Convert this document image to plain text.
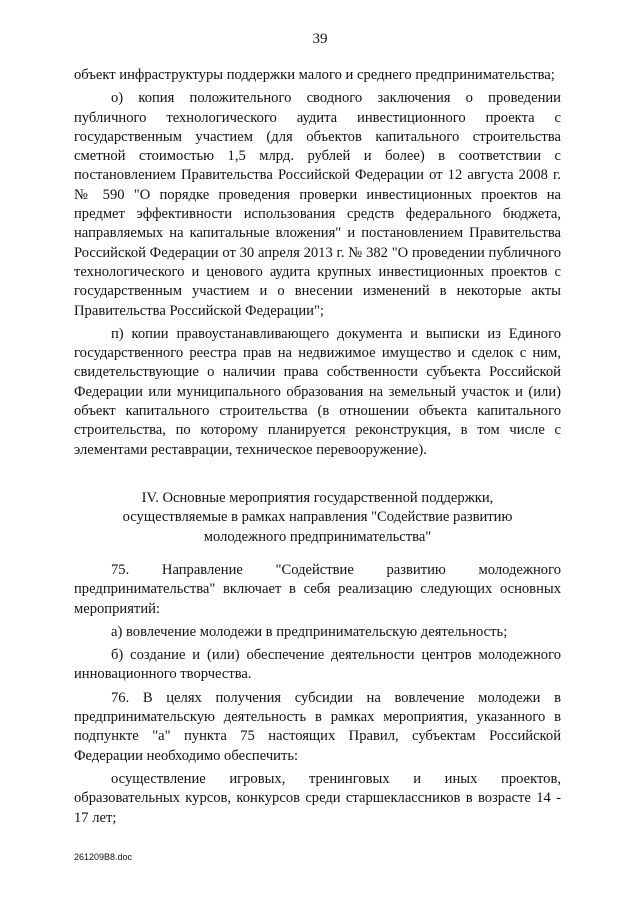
39

объект инфраструктуры поддержки малого и среднего предпринимательства;

о) копия положительного сводного заключения о проведении публичного технологического аудита инвестиционного проекта с государственным участием (для объектов капитального строительства сметной стоимостью 1,5 млрд. рублей и более) в соответствии с постановлением Правительства Российской Федерации от 12 августа 2008 г. № 590 "О порядке проведения проверки инвестиционных проектов на предмет эффективности использования средств федерального бюджета, направляемых на капитальные вложения" и постановлением Правительства Российской Федерации от 30 апреля 2013 г. № 382 "О проведении публичного технологического и ценового аудита крупных инвестиционных проектов с государственным участием и о внесении изменений в некоторые акты Правительства Российской Федерации";

п) копии правоустанавливающего документа и выписки из Единого государственного реестра прав на недвижимое имущество и сделок с ним, свидетельствующие о наличии права собственности субъекта Российской Федерации или муниципального образования на земельный участок и (или) объект капитального строительства (в отношении объекта капитального строительства, по которому планируется реконструкция, в том числе с элементами реставрации, техническое перевооружение).

IV. Основные мероприятия государственной поддержки,
осуществляемые в рамках направления "Содействие развитию
молодежного предпринимательства"

75. Направление "Содействие развитию молодежного предпринимательства" включает в себя реализацию следующих основных мероприятий:

а) вовлечение молодежи в предпринимательскую деятельность;

б) создание и (или) обеспечение деятельности центров молодежного инновационного творчества.

76. В целях получения субсидии на вовлечение молодежи в предпринимательскую деятельность в рамках мероприятия, указанного в подпункте "а" пункта 75 настоящих Правил, субъектам Российской Федерации необходимо обеспечить:

осуществление игровых, тренинговых и иных проектов, образовательных курсов, конкурсов среди старшеклассников в возрасте 14 - 17 лет;

261209В8.doc
